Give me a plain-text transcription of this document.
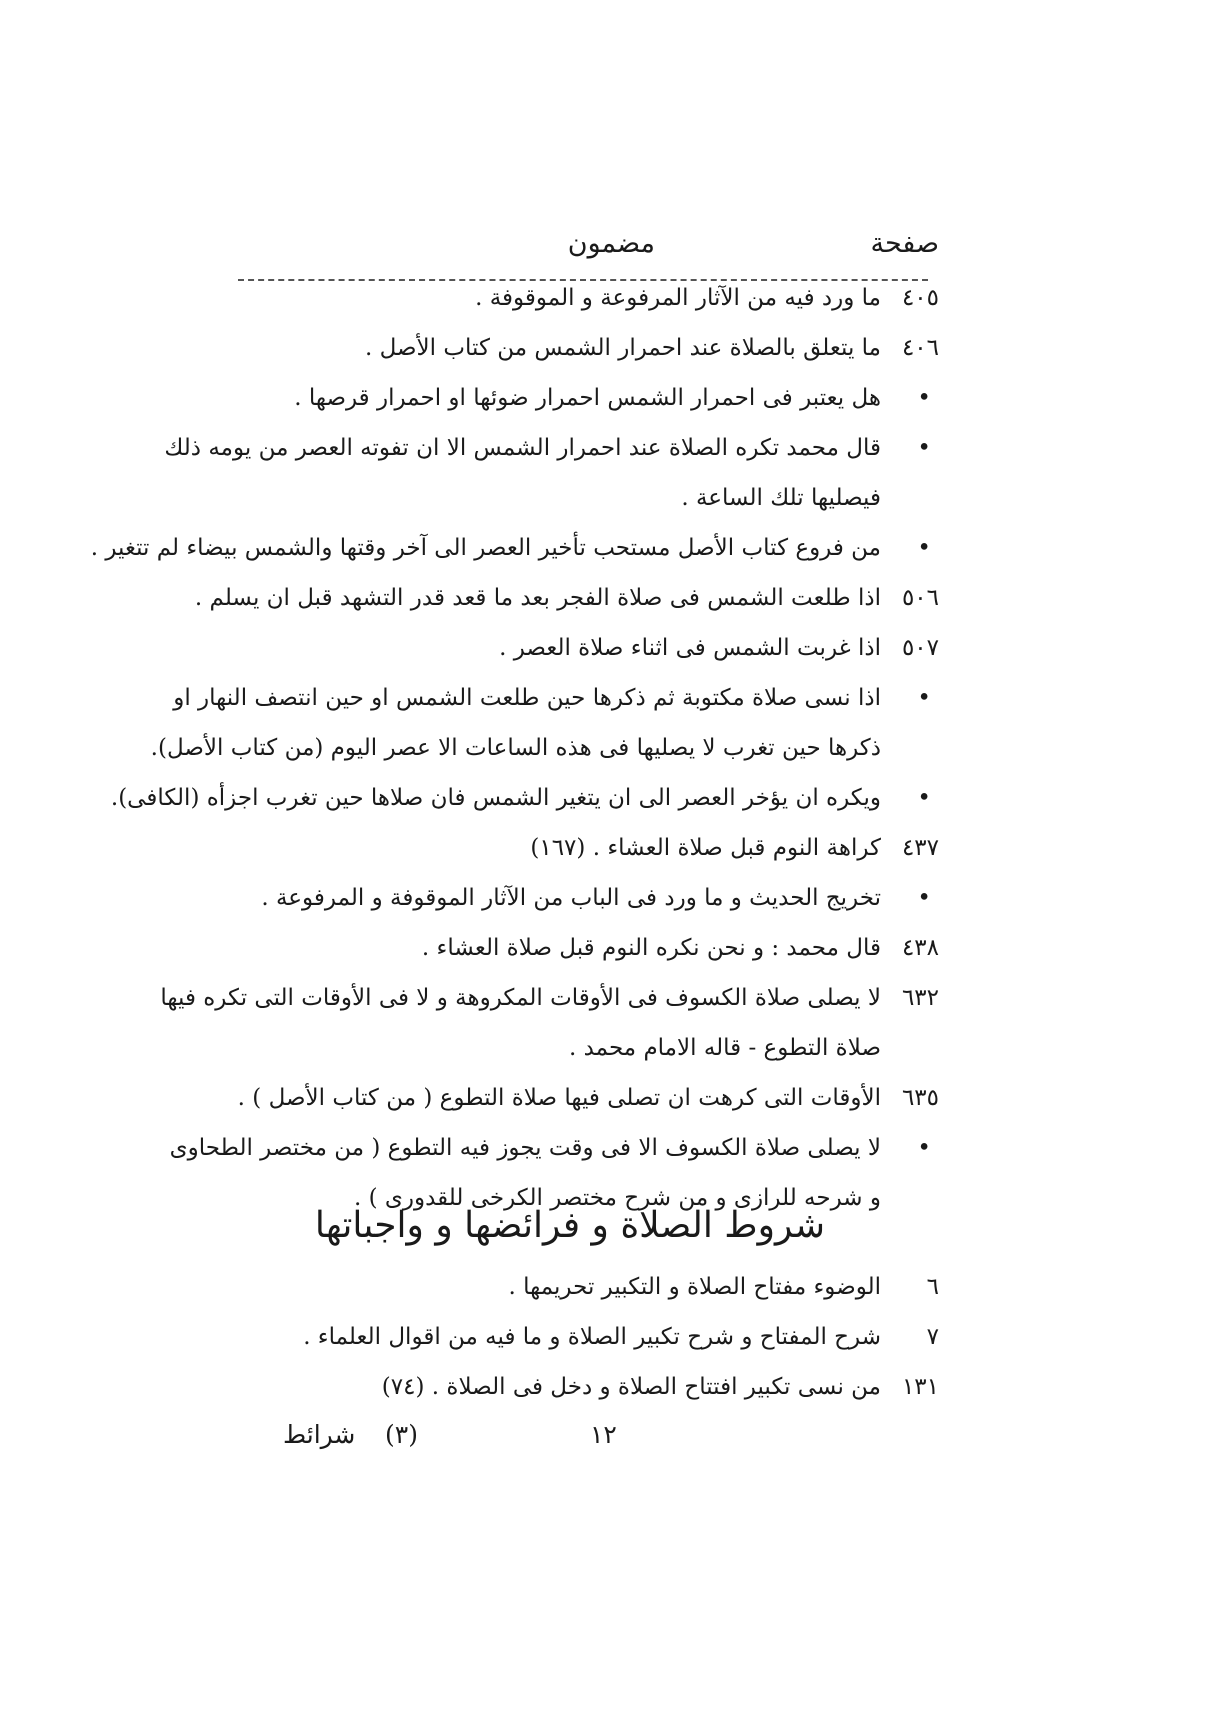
صفحة
مضمون
٤٠٥ما ورد فيه من الآثار المرفوعة و الموقوفة .
٤٠٦ما يتعلق بالصلاة عند احمرار الشمس من كتاب الأصل .
•هل يعتبر فى احمرار الشمس احمرار ضوئها او احمرار قرصها .
•قال محمد تكره الصلاة عند احمرار الشمس الا ان تفوته العصر من يومه ذلك
فيصليها تلك الساعة .
•من فروع كتاب الأصل مستحب تأخير العصر الى آخر وقتها والشمس بيضاء لم تتغير .
٥٠٦اذا طلعت الشمس فى صلاة الفجر بعد ما قعد قدر التشهد قبل ان يسلم .
٥٠٧اذا غربت الشمس فى اثناء صلاة العصر .
•اذا نسى صلاة مكتوبة ثم ذكرها حين طلعت الشمس او حين انتصف النهار او
ذكرها حين تغرب لا يصليها فى هذه الساعات الا عصر اليوم (من كتاب الأصل).
•ويكره ان يؤخر العصر الى ان يتغير الشمس فان صلاها حين تغرب اجزأه (الكافى).
٤٣٧كراهة النوم قبل صلاة العشاء . (١٦٧)
•تخريج الحديث و ما ورد فى الباب من الآثار الموقوفة و المرفوعة .
٤٣٨قال محمد : و نحن نكره النوم قبل صلاة العشاء .
٦٣٢لا يصلى صلاة الكسوف فى الأوقات المكروهة و لا فى الأوقات التى تكره فيها
صلاة التطوع - قاله الامام محمد .
٦٣٥الأوقات التى كرهت ان تصلى فيها صلاة التطوع ( من كتاب الأصل ) .
•لا يصلى صلاة الكسوف الا فى وقت يجوز فيه التطوع ( من مختصر الطحاوى
و شرحه للرازى و من شرح مختصر الكرخى للقدورى ) .
شروط الصلاة و فرائضها و واجباتها
٦الوضوء مفتاح الصلاة و التكبير تحريمها .
٧شرح المفتاح و شرح تكبير الصلاة و ما فيه من اقوال العلماء .
١٣١من نسى تكبير افتتاح الصلاة و دخل فى الصلاة . (٧٤)
١٢
(٣)
شرائط
